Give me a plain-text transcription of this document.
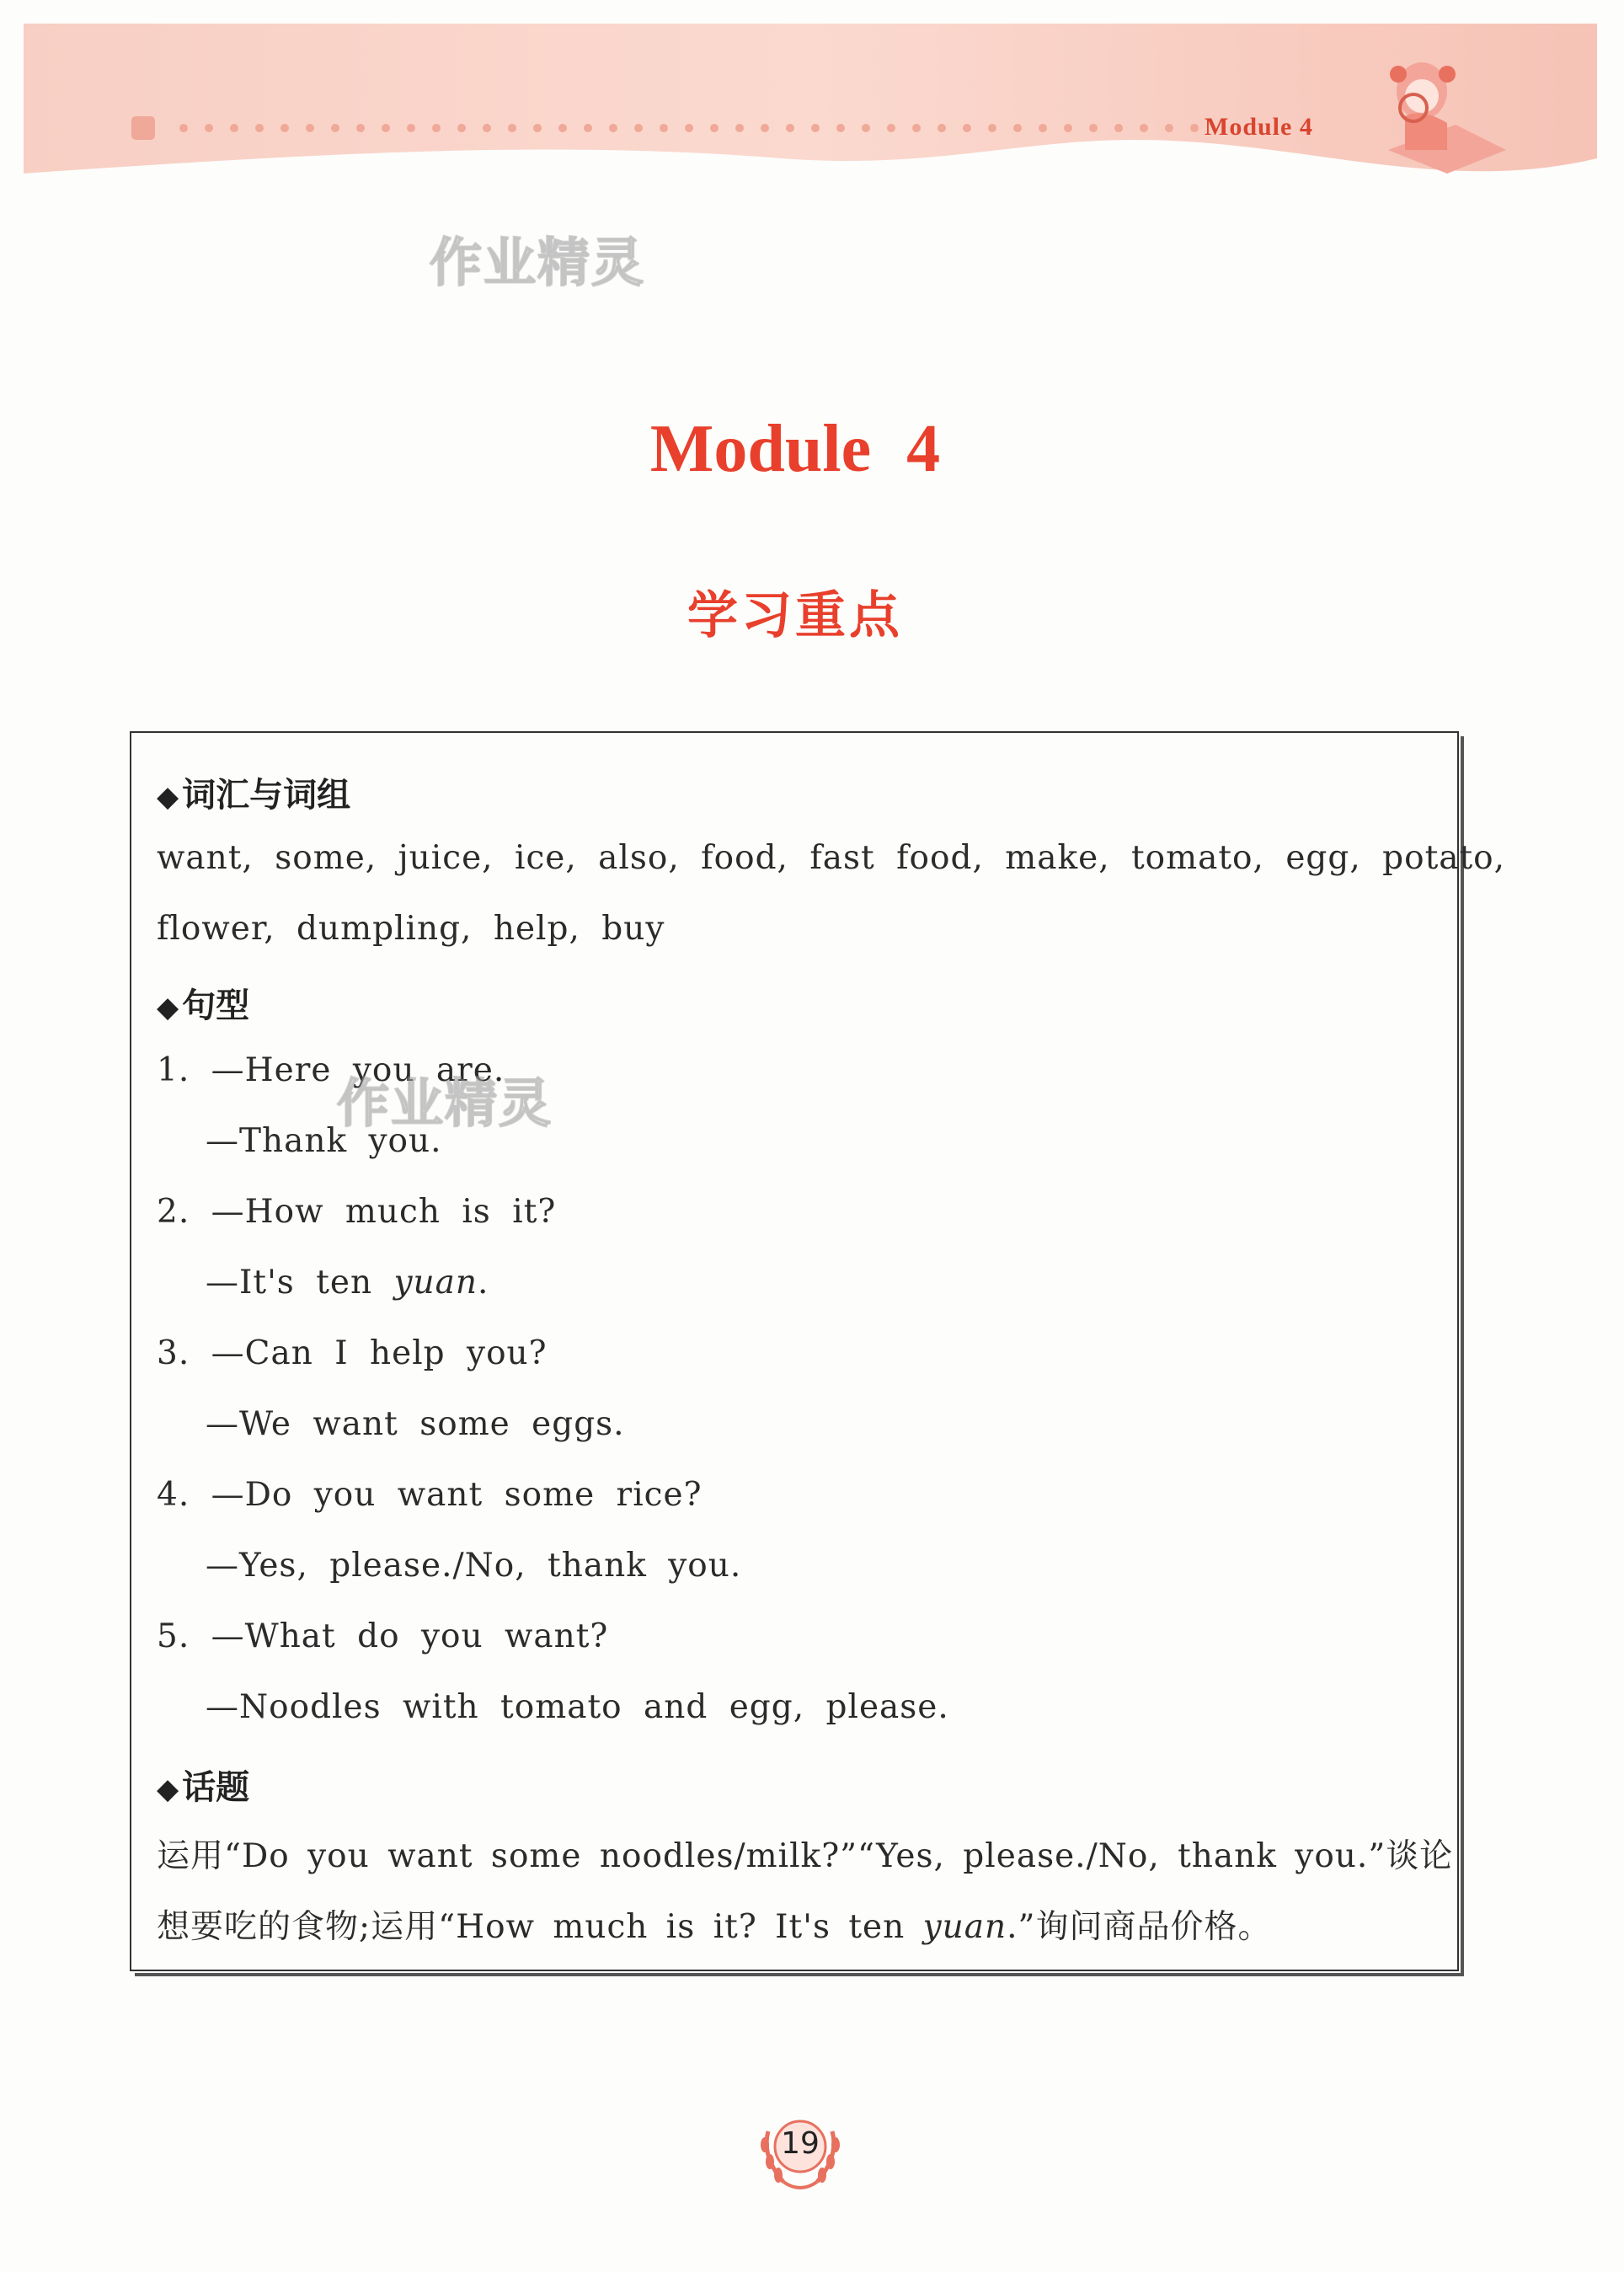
Module 4
作业精灵
Module 4
学习重点
◆ 词汇与词组
want, some, juice, ice, also, food, fast food, make, tomato, egg, potato,
flower, dumpling, help, buy
◆ 句型
1. —Here you are.
作业精灵
—Thank you.
2. —How much is it?
—It's ten yuan.
3. —Can I help you?
—We want some eggs.
4. —Do you want some rice?
—Yes, please./No, thank you.
5. —What do you want?
—Noodles with tomato and egg, please.
◆ 话题
运用“Do you want some noodles/milk?”“Yes, please./No, thank you.”谈论
想要吃的食物;运用“How much is it? It's ten yuan.”询问商品价格。
19
